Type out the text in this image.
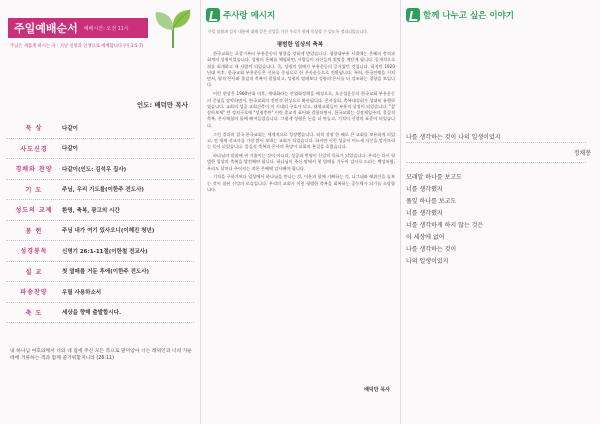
주일예배순서 예배시간: 오전 11시
주님은 새롭게 하시는 자 : 지난 신앙과 인생으로 예배합니다 (미 3:5-7)
인도: 배덕만 목사
묵 상	다같이
사도신경	다같이
경배와 찬양	다같이(인도: 김석우 집사)
기 도	주님, 우리 기도를(이한주 전도사)
성도의 교제	환영, 축복, 광고의 시간
봉 헌	주님 내가 여기 있사오니(이혜진 청년)
성경봉독	신명기 26:1-11절(이한철 전교사)
설 교	첫 열매를 거둔 후에(이한주 전도사)
파송찬양	우릴 사용하소서
축 도	세상을 향해 출발합시다.
내 하나님 여호와께서 너와 네 집에 주신 모든 복으로 말미암아 너는 레위인과 너희 가운데에 거류하는 객과 함께 즐거워할지니라 (26:11)
주사랑 메시지
주일 말씀과 감사 내용에 대해 같은 신앙을 가진 우리가 함께 묵상할 수 있도록 정리되었습니다.
평범한 일상의 축복

한국교회는 초창기부터 부흥운동의 영향을 강하게 받았습니다. 평양대부흥 시절에는 은혜의 충격과 회개의 성령이었습니다. 성령의 은혜를 체험하면, 사람들이 자신들의 죄악을 깨닫게 됩니다. 공개적으로 죄를 회개하고 새 사람이 되었습니다. 즉, 성령의 열매가 부흥운동의 증거였던 것입니다. 하지만 1920년대 이후, 한국교회 부흥운동은 신유를 중심으로 한 은사운동으로 전환됩니다. 특히, 한국전쟁을 거치면서, 영적 은사와 물질적 축복이 결합되고, 성령의 열매보다 성령의 은사를 더 강조하는 경향을 보입니다.

이런 현상은 1960년대 이후, 세대화라는 산업화정책을 배경으로, 오순절운동의 한국교회 부흥운동의 중심을 장악하면서, 한국교회의 전반적 현상으로 확산됩니다. 은사집회, 축복대성회가 성대히 유행하였습니다. 교회의 성공 교회건축이 이 시대의 구호가 되고, 대형교회들이 부흥의 상징이 되었습니다. "잘 살아보세" 란 정치구호에 "성령충만" 이란 종교적 표어와 결합되면서, 한국교회는 성장제일주의, 물질적 축복, 은사체험의 틀에 빠져들었습니다. 그렇게 성령은 돈을 더 만들고, 기적이 신앙의 표준이 되었습니다.

그런 결과의 결국 한국교회는 세계적으로 성장했습니다. 외적 성장 한 째로 큰 교회를 보유하게 되었고, 전 세계 선교사를 가장 많이 보내는 교회가 되었습니다. 하지만 이런 성공이 어느새 자신을 망가뜨리는 독이 되었습니다. 물질적 축복과 은사의 욕망이 교회의 본질을 흐렸습니다.

하나님의 말씀에 귀 기울이는 것이 아니라, 성공과 번영이 신앙의 목표가 되었습니다. 우리는 다시 평범한 일상의 축복을 발견해야 합니다. 하나님이 주신 땅에서 첫 열매를 거두어 감사로 드리는 백성처럼, 우리도 날마다 주어지는 작은 은혜에 감사해야 합니다.

기적을 구하기보다 일상에서 하나님을 만나는 것, 이웃과 함께 기뻐하는 것, 나그네와 레위인을 돌보는 것이 참된 신앙의 모습입니다. 우리의 교회가 이런 평범한 축복을 회복하는 공동체가 되기를 소망합니다.

배덕만 목사
함께 나누고 싶은 이야기
나를 생각하는 것이 나의 일생이었지
정채봉
모래알 하나를 보고도
너를 생각했지
풀잎 하나를 보고도
너를 생각했지
너를 생각하게 하지 않는 것은
이 세상에 없어
나를 생각하는 것이
나의 일생이었지
